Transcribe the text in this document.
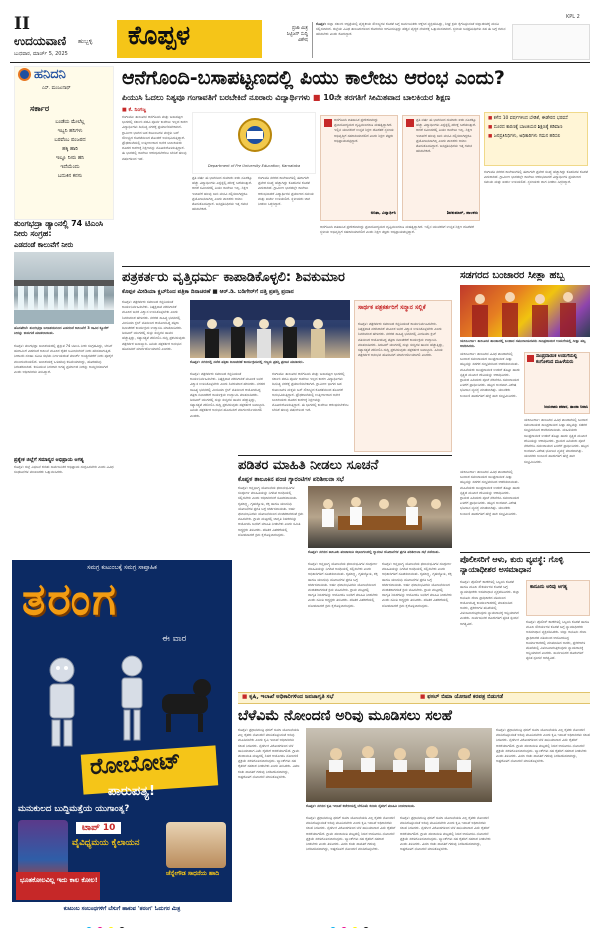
II
ಉದಯವಾಣಿ ಹುಬ್ಬಳ್ಳಿ
ಬುಧವಾರ, ಮಾರ್ಚ್‌ 5, 2025
ಕೊಪ್ಪಳ	ಪ್ರಜಾ ಮಿತ್ರ
ಸಿಟ್ಟಿಜನ್ ಸುದ್ದಿ
ವಿಶೇಷ
ಕೊಪ್ಪಳ: ಜಿಲ್ಲಾ ಸರ್ಕಾರಿ ಆಸ್ಪತ್ರೆಯಲ್ಲಿ ವೈದ್ಯಕೀಯ ಸೌಲಭ್ಯಗಳ ಕೊರತೆ ಬಗ್ಗೆ ಸಾರ್ವಜನಿಕರು ಆಕ್ಷೇಪ ವ್ಯಕ್ತಪಡಿಸಿದ್ದು, ಶೀಘ್ರ ಕ್ರಮ ಕೈಗೊಳ್ಳುವಂತೆ ಜಿಲ್ಲಾಡಳಿತಕ್ಕೆ ಮನವಿ ಸಲ್ಲಿಸಲಾಗಿದೆ. ಜಿಲ್ಲೆಯ ವಿವಿಧ ತಾಲೂಕುಗಳಿಂದ ರೋಗಿಗಳು ಆಗಮಿಸುತ್ತಿದ್ದು ಹೆಚ್ಚಿನ ವೈದ್ಯರ ನೇಮಕಕ್ಕೆ ಒತ್ತಾಯಿಸಲಾಗಿದೆ. ಸ್ಥಳೀಯ ಜನಪ್ರತಿನಿಧಿಗಳು ಸಹ ಈ ಬಗ್ಗೆ ಗಮನ ಹರಿಸಬೇಕು ಎಂದು ಕೋರಿದ್ದಾರೆ.
KPL 2
ಹನಿದನಿ
ಎಸ್. ಮಂಜುನಾಥ್
ಸರ್ಕಾರ
ಬಂಡೆಯ ಮೇಲೆಲ್ಲ
ಇಬ್ಬನಿ ಹನಿಗಳು
ಬರವೆಂಬ ಪಂಜರದ
ಹಕ್ಕಿ ಹಾರಿ
ಇಲ್ಲೂ ನೀರು ಹನಿ
ಇದೆಯೆಂದು
ಬದುಕಿನ ಕನಸು
ತುಂಗಭದ್ರಾ ಡ್ಯಾಂನಲ್ಲಿ 74 ಟಿಎಂಸಿ ನೀರು ಸಂಗ್ರಹ:
ಎಡದಂಡೆ ಕಾಲುವೆಗೆ ನೀರು
ಹೊಸಪೇಟೆ: ತುಂಗಭದ್ರಾ ಜಲಾಶಯದಿಂದ ಎಡದಂಡೆ ಕಾಲುವೆಗೆ 3 ಸಾವಿರ ಕ್ಯೂಸೆಕ್ ನೀರನ್ನು ಬಿಡುಗಡೆ ಮಾಡಲಾಯಿತು.
ಕೊಪ್ಪಳ: ತುಂಗಭದ್ರಾ ಜಲಾಶಯದಲ್ಲಿ ಪ್ರಸ್ತುತ 74 ಟಿಎಂಸಿ ನೀರು ಸಂಗ್ರಹವಿದ್ದು, ಬೇಸಿಗೆ ಹಂಗಾಮಿಗೆ ಎಡದಂಡೆ ಕಾಲುವೆ ಮೂಲಕ ರೈತರ ಜಮೀನುಗಳಿಗೆ ನೀರು ಹರಿಸಲಾಗುತ್ತಿದೆ. ನೀರಾವರಿ ಸಲಹಾ ಸಮಿತಿ ಸಭೆಯ ನಿರ್ಣಯದಂತೆ ಮಾರ್ಚ್ ಅಂತ್ಯದವರೆಗೆ ನೀರು ಪೂರೈಕೆ ಮುಂದುವರಿಯಲಿದೆ. ಜಲಾಶಯಕ್ಕೆ ಒಳಹರಿವು ಕಡಿಮೆಯಾಗಿದ್ದು, ಹೊರಹರಿವು ನಿರಂತರವಾಗಿದೆ. ಕುಡಿಯುವ ನೀರಿಗಾಗಿ ಅಗತ್ಯ ಪ್ರಮಾಣದ ನೀರನ್ನು ಕಾಯ್ದಿರಿಸಲಾಗಿದೆ ಎಂದು ಅಧಿಕಾರಿಗಳು ತಿಳಿಸಿದ್ದಾರೆ.
ಪ್ರತ್ಯೇಕ ಜಿಲ್ಲೆಗೆ ಸಮಾನ್ಯರ ಅಭಿಪ್ರಾಯ ಅಗತ್ಯ
ಕೊಪ್ಪಳ: ಜಿಲ್ಲೆ ವಿಭಜನೆ ಕುರಿತು ಸಾರ್ವಜನಿಕರ ಅಭಿಪ್ರಾಯ ಸಂಗ್ರಹಿಸಬೇಕು ಎಂದು ವಿವಿಧ ಸಂಘಟನೆಗಳ ಮುಖಂಡರು ಒತ್ತಾಯಿಸಿದರು.
ಆನೆಗೊಂದಿ-ಬಸಾಪಟ್ಟಣದಲ್ಲಿ ಪಿಯು ಕಾಲೇಜು ಆರಂಭ ಎಂದು?
ಪಿಯುಸಿ ಓದಲು ನಿತ್ಯವೂ ಗಂಗಾವತಿಗೆ ಬರಬೇಕಿದೆ ನೂರಾರು ವಿದ್ಯಾರ್ಥಿಗಳು ■ 10ನೇ ತರಗತಿಗೆ ಸೀಮಿತವಾದ ಬಾಲಕಿಯರ ಶಿಕ್ಷಣ
■ ಕೆ. ನಿಂಗಜ್ಜ
ಗಂಗಾವತಿ: ತಾಲೂಕಿನ ಆನೆಗೊಂದಿ ಮತ್ತು ಬಸಾಪಟ್ಟಣ ಭಾಗದಲ್ಲಿ ಸರ್ಕಾರಿ ಪದವಿ ಪೂರ್ವ ಕಾಲೇಜು ಇಲ್ಲದ ಕಾರಣ ವಿದ್ಯಾರ್ಥಿಗಳು ದಿನನಿತ್ಯ ನಗರಕ್ಕೆ ಪ್ರಯಾಣಿಸಬೇಕಾಗಿದೆ. ಗ್ರಾಮೀಣ ಭಾಗದ ಬಡ ಕುಟುಂಬಗಳ ಮಕ್ಕಳು ಬಸ್ ಸೌಲಭ್ಯದ ಕೊರತೆಯಿಂದ ತೊಂದರೆ ಅನುಭವಿಸುತ್ತಿದ್ದಾರೆ. ಪ್ರೌಢಶಾಲೆಯಲ್ಲಿ ಉತ್ತೀರ್ಣರಾದ ಅನೇಕ ಬಾಲಕಿಯರು ದೂರದ ಕಾರಣಕ್ಕೆ ಶಿಕ್ಷಣವನ್ನು ಮೊಟಕುಗೊಳಿಸುತ್ತಿದ್ದಾರೆ. ಈ ಭಾಗದಲ್ಲಿ ಕಾಲೇಜು ಆರಂಭಿಸಬೇಕೆಂಬ ಬೇಡಿಕೆ ಹಲವು ವರ್ಷಗಳಿಂದ ಇದೆ.
ಪ್ರತಿ ವರ್ಷ ಈ ಭಾಗದಿಂದ ಸುಮಾರು ಐದು ನೂರಕ್ಕೂ ಹೆಚ್ಚು ವಿದ್ಯಾರ್ಥಿಗಳು ಎಸ್ಸೆಸ್ಸೆಲ್ಸಿ ಪರೀಕ್ಷೆ ಬರೆಯುತ್ತಾರೆ. ಆದರೆ ಸಮೀಪದಲ್ಲಿ ಪಿಯು ಕಾಲೇಜು ಇಲ್ಲ. ಶಿಕ್ಷಣ ಇಲಾಖೆಗೆ ಹಲವು ಬಾರಿ ಮನವಿ ಸಲ್ಲಿಸಲಾಗಿದ್ದರೂ ಪ್ರಯೋಜನವಾಗಿಲ್ಲ ಎಂದು ಪಾಲಕರು ಅಳಲು ತೋಡಿಕೊಂಡಿದ್ದಾರೆ. ಜನಪ್ರತಿನಿಧಿಗಳು ಇತ್ತ ಗಮನ ಹರಿಸಬೇಕಿದೆ.
Department of Pre University Education, Karnataka
ಗಂಗಾವತಿ ನಗರದ ಕಾಲೇಜುಗಳಲ್ಲಿ ಈಗಾಗಲೇ ಪ್ರವೇಶ ಸಂಖ್ಯೆ ಹೆಚ್ಚಾಗಿದ್ದು ಕೊಠಡಿಗಳ ಕೊರತೆ ಎದುರಾಗಿದೆ. ಗ್ರಾಮೀಣ ಭಾಗದಲ್ಲೇ ಕಾಲೇಜು ಆರಂಭವಾದರೆ ವಿದ್ಯಾರ್ಥಿಗಳ ಪ್ರಯಾಣದ ಸಮಯ ಮತ್ತು ಖರ್ಚು ಉಳಿಯಲಿದೆ. ಸ್ಥಳೀಯರು ಜಾಗ ನೀಡಲು ಸಿದ್ಧರಿದ್ದಾರೆ.
ಆನೆಗೊಂದಿ ಐತಿಹಾಸಿಕ ಪ್ರದೇಶವಾಗಿದ್ದು ಪ್ರವಾಸೋದ್ಯಮದ ದೃಷ್ಟಿಯಿಂದಲೂ ಮಹತ್ವದ್ದಾಗಿದೆ. ಇಲ್ಲಿನ ಯುವಕರಿಗೆ ಉನ್ನತ ಶಿಕ್ಷಣ ದೊರೆತರೆ ಸ್ಥಳೀಯ ಅಭಿವೃದ್ಧಿಗೆ ಸಹಕಾರಿಯಾಗಲಿದೆ ಎಂದು ಶಿಕ್ಷಣ ತಜ್ಞರು ಅಭಿಪ್ರಾಯಪಟ್ಟಿದ್ದಾರೆ.
ಅನಿತಾ, ವಿದ್ಯಾರ್ಥಿನಿ
ಪ್ರತಿ ವರ್ಷ ಈ ಭಾಗದಿಂದ ಸುಮಾರು ಐದು ನೂರಕ್ಕೂ ಹೆಚ್ಚು ವಿದ್ಯಾರ್ಥಿಗಳು ಎಸ್ಸೆಸ್ಸೆಲ್ಸಿ ಪರೀಕ್ಷೆ ಬರೆಯುತ್ತಾರೆ. ಆದರೆ ಸಮೀಪದಲ್ಲಿ ಪಿಯು ಕಾಲೇಜು ಇಲ್ಲ. ಶಿಕ್ಷಣ ಇಲಾಖೆಗೆ ಹಲವು ಬಾರಿ ಮನವಿ ಸಲ್ಲಿಸಲಾಗಿದ್ದರೂ ಪ್ರಯೋಜನವಾಗಿಲ್ಲ ಎಂದು ಪಾಲಕರು ಅಳಲು ತೋಡಿಕೊಂಡಿದ್ದಾರೆ. ಜನಪ್ರತಿನಿಧಿಗಳು ಇತ್ತ ಗಮನ ಹರಿಸಬೇಕಿದೆ.
ಶಿವಕುಮಾರ್, ಪಾಲಕರು
■ ಕಳೆದ 10 ವರ್ಷಗಳಿಂದ ಬೇಡಿಕೆ, ಈಡೇರದ ಭರವಸೆ
■ ದೂರದ ಕಾರಣಕ್ಕೆ ಬಾಲಕಿಯರ ಶಿಕ್ಷಣಕ್ಕೆ ಕಡಿವಾಣ
■ ಜನಪ್ರತಿನಿಧಿಗಳು, ಅಧಿಕಾರಿಗಳು ಗಮನ ಹರಿಸಲಿ
ಗಂಗಾವತಿ ನಗರದ ಕಾಲೇಜುಗಳಲ್ಲಿ ಈಗಾಗಲೇ ಪ್ರವೇಶ ಸಂಖ್ಯೆ ಹೆಚ್ಚಾಗಿದ್ದು ಕೊಠಡಿಗಳ ಕೊರತೆ ಎದುರಾಗಿದೆ. ಗ್ರಾಮೀಣ ಭಾಗದಲ್ಲೇ ಕಾಲೇಜು ಆರಂಭವಾದರೆ ವಿದ್ಯಾರ್ಥಿಗಳ ಪ್ರಯಾಣದ ಸಮಯ ಮತ್ತು ಖರ್ಚು ಉಳಿಯಲಿದೆ. ಸ್ಥಳೀಯರು ಜಾಗ ನೀಡಲು ಸಿದ್ಧರಿದ್ದಾರೆ.
ಆನೆಗೊಂದಿ ಐತಿಹಾಸಿಕ ಪ್ರದೇಶವಾಗಿದ್ದು ಪ್ರವಾಸೋದ್ಯಮದ ದೃಷ್ಟಿಯಿಂದಲೂ ಮಹತ್ವದ್ದಾಗಿದೆ. ಇಲ್ಲಿನ ಯುವಕರಿಗೆ ಉನ್ನತ ಶಿಕ್ಷಣ ದೊರೆತರೆ ಸ್ಥಳೀಯ ಅಭಿವೃದ್ಧಿಗೆ ಸಹಕಾರಿಯಾಗಲಿದೆ ಎಂದು ಶಿಕ್ಷಣ ತಜ್ಞರು ಅಭಿಪ್ರಾಯಪಟ್ಟಿದ್ದಾರೆ.
ಪತ್ರಕರ್ತರು ವೃತ್ತಿಧರ್ಮ ಕಾಪಾಡಿಕೊಳ್ಳಲಿ: ಶಿವಕುಮಾರ
ಕೊಪ್ಪಳ ಮೀಡಿಯಾ ಕ್ಲಬ್‌ನಿಂದ ಪತ್ರಿಕಾ ದಿನಾಚರಣೆ ■ ಆರ್.ಡಿ. ಬಡಿಗೇರ್‌ಗೆ ದತ್ತಿ ಪ್ರಶಸ್ತಿ ಪ್ರದಾನ
ಕೊಪ್ಪಳ: ಪತ್ರಕರ್ತರು ಸಮಾಜದ ಕನ್ನಡಿಯಂತೆ ಕಾರ್ಯನಿರ್ವಹಿಸಬೇಕು. ನಿಷ್ಪಕ್ಷಪಾತ ವರದಿಗಾರಿಕೆ ಮೂಲಕ ಜನರ ವಿಶ್ವಾಸ ಉಳಿಸಿಕೊಳ್ಳಬೇಕು ಎಂದು ಶಿವಕುಮಾರ ಹೇಳಿದರು. ನಗರದ ಸಾಹಿತ್ಯ ಭವನದಲ್ಲಿ ಮೀಡಿಯಾ ಕ್ಲಬ್ ವತಿಯಿಂದ ಆಯೋಜಿಸಿದ್ದ ಪತ್ರಿಕಾ ದಿನಾಚರಣೆ ಕಾರ್ಯಕ್ರಮ ಉದ್ಘಾಟಿಸಿ ಮಾತನಾಡಿದರು. ಡಿಜಿಟಲ್ ಯುಗದಲ್ಲಿ ಸುಳ್ಳು ಸುದ್ದಿಗಳ ಹಾವಳಿ ಹೆಚ್ಚುತ್ತಿದ್ದು, ಸತ್ಯಾಸತ್ಯತೆ ಪರಿಶೀಲಿಸಿ ಸುದ್ದಿ ಪ್ರಕಟಿಸುವುದು ಪತ್ರಕರ್ತರ ಜವಾಬ್ದಾರಿ. ಹಿರಿಯ ಪತ್ರಕರ್ತರ ಅನುಭವ ಹೊಸಬರಿಗೆ ಮಾರ್ಗದರ್ಶಿಯಾಗಲಿ ಎಂದರು.
ಕೊಪ್ಪಳ: ನಗರದಲ್ಲಿ ನಡೆದ ಪತ್ರಿಕಾ ದಿನಾಚರಣೆ ಕಾರ್ಯಕ್ರಮದಲ್ಲಿ ಗಣ್ಯರು ಪ್ರಶಸ್ತಿ ಪ್ರದಾನ ಮಾಡಿದರು.
ಕೊಪ್ಪಳ: ಪತ್ರಕರ್ತರು ಸಮಾಜದ ಕನ್ನಡಿಯಂತೆ ಕಾರ್ಯನಿರ್ವಹಿಸಬೇಕು. ನಿಷ್ಪಕ್ಷಪಾತ ವರದಿಗಾರಿಕೆ ಮೂಲಕ ಜನರ ವಿಶ್ವಾಸ ಉಳಿಸಿಕೊಳ್ಳಬೇಕು ಎಂದು ಶಿವಕುಮಾರ ಹೇಳಿದರು. ನಗರದ ಸಾಹಿತ್ಯ ಭವನದಲ್ಲಿ ಮೀಡಿಯಾ ಕ್ಲಬ್ ವತಿಯಿಂದ ಆಯೋಜಿಸಿದ್ದ ಪತ್ರಿಕಾ ದಿನಾಚರಣೆ ಕಾರ್ಯಕ್ರಮ ಉದ್ಘಾಟಿಸಿ ಮಾತನಾಡಿದರು. ಡಿಜಿಟಲ್ ಯುಗದಲ್ಲಿ ಸುಳ್ಳು ಸುದ್ದಿಗಳ ಹಾವಳಿ ಹೆಚ್ಚುತ್ತಿದ್ದು, ಸತ್ಯಾಸತ್ಯತೆ ಪರಿಶೀಲಿಸಿ ಸುದ್ದಿ ಪ್ರಕಟಿಸುವುದು ಪತ್ರಕರ್ತರ ಜವಾಬ್ದಾರಿ. ಹಿರಿಯ ಪತ್ರಕರ್ತರ ಅನುಭವ ಹೊಸಬರಿಗೆ ಮಾರ್ಗದರ್ಶಿಯಾಗಲಿ ಎಂದರು.
ಗಂಗಾವತಿ: ತಾಲೂಕಿನ ಆನೆಗೊಂದಿ ಮತ್ತು ಬಸಾಪಟ್ಟಣ ಭಾಗದಲ್ಲಿ ಸರ್ಕಾರಿ ಪದವಿ ಪೂರ್ವ ಕಾಲೇಜು ಇಲ್ಲದ ಕಾರಣ ವಿದ್ಯಾರ್ಥಿಗಳು ದಿನನಿತ್ಯ ನಗರಕ್ಕೆ ಪ್ರಯಾಣಿಸಬೇಕಾಗಿದೆ. ಗ್ರಾಮೀಣ ಭಾಗದ ಬಡ ಕುಟುಂಬಗಳ ಮಕ್ಕಳು ಬಸ್ ಸೌಲಭ್ಯದ ಕೊರತೆಯಿಂದ ತೊಂದರೆ ಅನುಭವಿಸುತ್ತಿದ್ದಾರೆ. ಪ್ರೌಢಶಾಲೆಯಲ್ಲಿ ಉತ್ತೀರ್ಣರಾದ ಅನೇಕ ಬಾಲಕಿಯರು ದೂರದ ಕಾರಣಕ್ಕೆ ಶಿಕ್ಷಣವನ್ನು ಮೊಟಕುಗೊಳಿಸುತ್ತಿದ್ದಾರೆ. ಈ ಭಾಗದಲ್ಲಿ ಕಾಲೇಜು ಆರಂಭಿಸಬೇಕೆಂಬ ಬೇಡಿಕೆ ಹಲವು ವರ್ಷಗಳಿಂದ ಇದೆ.
ಸಾರ್ಥಕ ಪತ್ರಕರ್ತರಿಗೆ ಸನ್ಮಾನ ಸಲ್ಲಿಕೆ
ಕೊಪ್ಪಳ: ಪತ್ರಕರ್ತರು ಸಮಾಜದ ಕನ್ನಡಿಯಂತೆ ಕಾರ್ಯನಿರ್ವಹಿಸಬೇಕು. ನಿಷ್ಪಕ್ಷಪಾತ ವರದಿಗಾರಿಕೆ ಮೂಲಕ ಜನರ ವಿಶ್ವಾಸ ಉಳಿಸಿಕೊಳ್ಳಬೇಕು ಎಂದು ಶಿವಕುಮಾರ ಹೇಳಿದರು. ನಗರದ ಸಾಹಿತ್ಯ ಭವನದಲ್ಲಿ ಮೀಡಿಯಾ ಕ್ಲಬ್ ವತಿಯಿಂದ ಆಯೋಜಿಸಿದ್ದ ಪತ್ರಿಕಾ ದಿನಾಚರಣೆ ಕಾರ್ಯಕ್ರಮ ಉದ್ಘಾಟಿಸಿ ಮಾತನಾಡಿದರು. ಡಿಜಿಟಲ್ ಯುಗದಲ್ಲಿ ಸುಳ್ಳು ಸುದ್ದಿಗಳ ಹಾವಳಿ ಹೆಚ್ಚುತ್ತಿದ್ದು, ಸತ್ಯಾಸತ್ಯತೆ ಪರಿಶೀಲಿಸಿ ಸುದ್ದಿ ಪ್ರಕಟಿಸುವುದು ಪತ್ರಕರ್ತರ ಜವಾಬ್ದಾರಿ. ಹಿರಿಯ ಪತ್ರಕರ್ತರ ಅನುಭವ ಹೊಸಬರಿಗೆ ಮಾರ್ಗದರ್ಶಿಯಾಗಲಿ ಎಂದರು.
ಸಡಗರದ ಬಂಜಾರರ ಸೀತ್ಲಾ ಹಬ್ಬ
ಯಲಬುರ್ಗಾ: ತಾಲೂಕಿನ ತಾಂಡಾದಲ್ಲಿ ಬಂಜಾರ ಸಮುದಾಯದವರು ಸಾಂಪ್ರದಾಯಿಕ ಉಡುಗೆಯಲ್ಲಿ ಸೀತ್ಲಾ ಹಬ್ಬ ಆಚರಿಸಿದರು.
ಯಲಬುರ್ಗಾ: ತಾಲೂಕಿನ ವಿವಿಧ ತಾಂಡಾಗಳಲ್ಲಿ ಬಂಜಾರ ಸಮುದಾಯದ ಸಾಂಪ್ರದಾಯಿಕ ಸೀತ್ಲಾ ಹಬ್ಬವನ್ನು ಸಡಗರ ಸಂಭ್ರಮದಿಂದ ಆಚರಿಸಲಾಯಿತು. ಮಹಿಳೆಯರು ಸಾಂಪ್ರದಾಯಿಕ ಉಡುಗೆ ತೊಟ್ಟು ಹಾಡು ನೃತ್ಯದ ಮೂಲಕ ದೇವಿಯನ್ನು ಆರಾಧಿಸಿದರು. ಗ್ರಾಮದ ಹಿರಿಯರು ಪೂಜೆ ನೆರವೇರಿಸಿ ಸಮುದಾಯದ ಏಳಿಗೆಗೆ ಪ್ರಾರ್ಥಿಸಿದರು. ಹಬ್ಬದ ಅಂಗವಾಗಿ ವಿಶೇಷ ಭೋಜನ ವ್ಯವಸ್ಥೆ ಮಾಡಲಾಗಿತ್ತು. ಯುವಕರು ಲಂಬಾಣಿ ಹಾಡುಗಳಿಗೆ ಹೆಜ್ಜೆ ಹಾಕಿ ಸಂಭ್ರಮಿಸಿದರು.
ಸಾಂಪ್ರದಾಯಿಕ ಉಡುಗೆಯಲ್ಲಿ ಕಂಗೊಳಿಸಿದ ಮಹಿಳೆಯರು
ಜಯರಾಮ ಪವಾರ, ತಾಂಡಾ ನಿವಾಸಿ
ಯಲಬುರ್ಗಾ: ತಾಲೂಕಿನ ವಿವಿಧ ತಾಂಡಾಗಳಲ್ಲಿ ಬಂಜಾರ ಸಮುದಾಯದ ಸಾಂಪ್ರದಾಯಿಕ ಸೀತ್ಲಾ ಹಬ್ಬವನ್ನು ಸಡಗರ ಸಂಭ್ರಮದಿಂದ ಆಚರಿಸಲಾಯಿತು. ಮಹಿಳೆಯರು ಸಾಂಪ್ರದಾಯಿಕ ಉಡುಗೆ ತೊಟ್ಟು ಹಾಡು ನೃತ್ಯದ ಮೂಲಕ ದೇವಿಯನ್ನು ಆರಾಧಿಸಿದರು. ಗ್ರಾಮದ ಹಿರಿಯರು ಪೂಜೆ ನೆರವೇರಿಸಿ ಸಮುದಾಯದ ಏಳಿಗೆಗೆ ಪ್ರಾರ್ಥಿಸಿದರು. ಹಬ್ಬದ ಅಂಗವಾಗಿ ವಿಶೇಷ ಭೋಜನ ವ್ಯವಸ್ಥೆ ಮಾಡಲಾಗಿತ್ತು. ಯುವಕರು ಲಂಬಾಣಿ ಹಾಡುಗಳಿಗೆ ಹೆಜ್ಜೆ ಹಾಕಿ ಸಂಭ್ರಮಿಸಿದರು.
ಯಲಬುರ್ಗಾ: ತಾಲೂಕಿನ ವಿವಿಧ ತಾಂಡಾಗಳಲ್ಲಿ ಬಂಜಾರ ಸಮುದಾಯದ ಸಾಂಪ್ರದಾಯಿಕ ಸೀತ್ಲಾ ಹಬ್ಬವನ್ನು ಸಡಗರ ಸಂಭ್ರಮದಿಂದ ಆಚರಿಸಲಾಯಿತು. ಮಹಿಳೆಯರು ಸಾಂಪ್ರದಾಯಿಕ ಉಡುಗೆ ತೊಟ್ಟು ಹಾಡು ನೃತ್ಯದ ಮೂಲಕ ದೇವಿಯನ್ನು ಆರಾಧಿಸಿದರು. ಗ್ರಾಮದ ಹಿರಿಯರು ಪೂಜೆ ನೆರವೇರಿಸಿ ಸಮುದಾಯದ ಏಳಿಗೆಗೆ ಪ್ರಾರ್ಥಿಸಿದರು. ಹಬ್ಬದ ಅಂಗವಾಗಿ ವಿಶೇಷ ಭೋಜನ ವ್ಯವಸ್ಥೆ ಮಾಡಲಾಗಿತ್ತು. ಯುವಕರು ಲಂಬಾಣಿ ಹಾಡುಗಳಿಗೆ ಹೆಜ್ಜೆ ಹಾಕಿ ಸಂಭ್ರಮಿಸಿದರು.
ಸಮಗ್ರ ಕುಟುಂಬಕ್ಕೆ ಸಮಗ್ರ ಸಾಪ್ತಾಹಿಕ
ತರಂಗ
ಈ ವಾರ
ರೋಬೋಟ್
ಪಾರುಪತ್ಯ!
ಮನುಕುಲದ ಬುದ್ಧಿಮತ್ತೆಯ ಯುಗಾಂತ್ಯ?
ಟಾಪ್ 10
ವೈವಿಧ್ಯಮಯ ಕೈಲಾಯನ
ಭೂತಕೋಲವಿಲ್ಲ ಇದು ಕಾಲ ಕೋಲ!
ಚೆನ್ನೇಗೌಡ ಸಾಧನೆಯ ಹಾದಿ
ಕುಟುಂಬ ಸಂಬಂಧಗಳಿಗೆ ಬೆಸುಗೆ ಹಾಕುವ 'ತರಂಗ' ಓದುಗರ ಮಿತ್ರ
ಪಡಿತರ ಮಾಹಿತಿ ನೀಡಲು ಸೂಚನೆ
ಕೊಪ್ಪಳ ತಾಲೂಕಿನ ಪಂಚ ಗ್ಯಾರಂಟಿಗಳ ಪರಿಶೀಲನಾ ಸಭೆ
ಕೊಪ್ಪಳ: ಅನ್ನಭಾಗ್ಯ ಯೋಜನೆಯ ಫಲಾನುಭವಿಗಳ ಸಂಪೂರ್ಣ ಮಾಹಿತಿಯನ್ನು ನಿಗದಿತ ಅವಧಿಯಲ್ಲಿ ಸಲ್ಲಿಸಬೇಕು ಎಂದು ಅಧಿಕಾರಿಗಳಿಗೆ ಸೂಚಿಸಲಾಯಿತು. ಗೃಹಲಕ್ಷ್ಮಿ, ಗೃಹಜ್ಯೋತಿ, ಶಕ್ತಿ ಹಾಗೂ ಯುವನಿಧಿ ಯೋಜನೆಗಳ ಪ್ರಗತಿ ಬಗ್ಗೆ ಚರ್ಚಿಸಲಾಯಿತು. ಅರ್ಹ ಫಲಾನುಭವಿಗಳು ಯೋಜನೆಯಿಂದ ವಂಚಿತರಾಗದಂತೆ ಕ್ರಮ ವಹಿಸಬೇಕು. ಗ್ರಾಮ ಮಟ್ಟದಲ್ಲಿ ಜಾಗೃತಿ ಶಿಬಿರಗಳನ್ನು ಆಯೋಜಿಸಿ ಜನರಿಗೆ ಮಾಹಿತಿ ನೀಡಬೇಕು ಎಂದು ಸಮಿತಿ ಅಧ್ಯಕ್ಷರು ತಿಳಿಸಿದರು. ಪಡಿತರ ವಿತರಣೆಯಲ್ಲಿ ಲೋಪವಾದರೆ ಕ್ರಮ ಕೈಗೊಳ್ಳಲಾಗುವುದು.
ಕೊಪ್ಪಳ: ನಗರದ ತಾಲೂಕು ಪಂಚಾಯಿತಿ ಸಭಾಂಗಣದಲ್ಲಿ ಗ್ಯಾರಂಟಿ ಯೋಜನೆಗಳ ಪ್ರಗತಿ ಪರಿಶೀಲನಾ ಸಭೆ ನಡೆಯಿತು.
ಕೊಪ್ಪಳ: ಅನ್ನಭಾಗ್ಯ ಯೋಜನೆಯ ಫಲಾನುಭವಿಗಳ ಸಂಪೂರ್ಣ ಮಾಹಿತಿಯನ್ನು ನಿಗದಿತ ಅವಧಿಯಲ್ಲಿ ಸಲ್ಲಿಸಬೇಕು ಎಂದು ಅಧಿಕಾರಿಗಳಿಗೆ ಸೂಚಿಸಲಾಯಿತು. ಗೃಹಲಕ್ಷ್ಮಿ, ಗೃಹಜ್ಯೋತಿ, ಶಕ್ತಿ ಹಾಗೂ ಯುವನಿಧಿ ಯೋಜನೆಗಳ ಪ್ರಗತಿ ಬಗ್ಗೆ ಚರ್ಚಿಸಲಾಯಿತು. ಅರ್ಹ ಫಲಾನುಭವಿಗಳು ಯೋಜನೆಯಿಂದ ವಂಚಿತರಾಗದಂತೆ ಕ್ರಮ ವಹಿಸಬೇಕು. ಗ್ರಾಮ ಮಟ್ಟದಲ್ಲಿ ಜಾಗೃತಿ ಶಿಬಿರಗಳನ್ನು ಆಯೋಜಿಸಿ ಜನರಿಗೆ ಮಾಹಿತಿ ನೀಡಬೇಕು ಎಂದು ಸಮಿತಿ ಅಧ್ಯಕ್ಷರು ತಿಳಿಸಿದರು. ಪಡಿತರ ವಿತರಣೆಯಲ್ಲಿ ಲೋಪವಾದರೆ ಕ್ರಮ ಕೈಗೊಳ್ಳಲಾಗುವುದು.
ಕೊಪ್ಪಳ: ಅನ್ನಭಾಗ್ಯ ಯೋಜನೆಯ ಫಲಾನುಭವಿಗಳ ಸಂಪೂರ್ಣ ಮಾಹಿತಿಯನ್ನು ನಿಗದಿತ ಅವಧಿಯಲ್ಲಿ ಸಲ್ಲಿಸಬೇಕು ಎಂದು ಅಧಿಕಾರಿಗಳಿಗೆ ಸೂಚಿಸಲಾಯಿತು. ಗೃಹಲಕ್ಷ್ಮಿ, ಗೃಹಜ್ಯೋತಿ, ಶಕ್ತಿ ಹಾಗೂ ಯುವನಿಧಿ ಯೋಜನೆಗಳ ಪ್ರಗತಿ ಬಗ್ಗೆ ಚರ್ಚಿಸಲಾಯಿತು. ಅರ್ಹ ಫಲಾನುಭವಿಗಳು ಯೋಜನೆಯಿಂದ ವಂಚಿತರಾಗದಂತೆ ಕ್ರಮ ವಹಿಸಬೇಕು. ಗ್ರಾಮ ಮಟ್ಟದಲ್ಲಿ ಜಾಗೃತಿ ಶಿಬಿರಗಳನ್ನು ಆಯೋಜಿಸಿ ಜನರಿಗೆ ಮಾಹಿತಿ ನೀಡಬೇಕು ಎಂದು ಸಮಿತಿ ಅಧ್ಯಕ್ಷರು ತಿಳಿಸಿದರು. ಪಡಿತರ ವಿತರಣೆಯಲ್ಲಿ ಲೋಪವಾದರೆ ಕ್ರಮ ಕೈಗೊಳ್ಳಲಾಗುವುದು.
ಪೊಲೀಸರಿಗೆ ಆಳು, ಕುರು ವ್ಯವಸ್ಥೆ: ಗೊಳ್ಳಿ ನ್ಯಾಯಾಧೀಶರ ಅಸಮಾಧಾನ
ಕೊಪ್ಪಳ: ಪೊಲೀಸ್ ಠಾಣೆಗಳಲ್ಲಿ ಸಿಬ್ಬಂದಿ ಕೊರತೆ ಹಾಗೂ ಮೂಲ ಸೌಕರ್ಯಗಳ ಕೊರತೆ ಬಗ್ಗೆ ನ್ಯಾಯಾಧೀಶರು ಅಸಮಾಧಾನ ವ್ಯಕ್ತಪಡಿಸಿದರು. ಜಿಲ್ಲಾ ಕಾನೂನು ಸೇವಾ ಪ್ರಾಧಿಕಾರದ ವತಿಯಿಂದ ಆಯೋಜಿಸಿದ್ದ ಕಾರ್ಯಾಗಾರದಲ್ಲಿ ಮಾತನಾಡಿದ ಅವರು, ಪ್ರಕರಣಗಳ ತನಿಖೆಯಲ್ಲಿ ವಿಳಂಬವಾಗುತ್ತಿರುವುದು ನ್ಯಾಯದಾನಕ್ಕೆ ಅಡ್ಡಿಯಾಗಿದೆ ಎಂದರು. ಸಾರ್ವಜನಿಕರ ದೂರುಗಳಿಗೆ ತ್ವರಿತ ಸ್ಪಂದನೆ ಅಗತ್ಯವಿದೆ.
ಕಾನೂನು ಅರಿವು ಅಗತ್ಯ
ಕೊಪ್ಪಳ: ಪೊಲೀಸ್ ಠಾಣೆಗಳಲ್ಲಿ ಸಿಬ್ಬಂದಿ ಕೊರತೆ ಹಾಗೂ ಮೂಲ ಸೌಕರ್ಯಗಳ ಕೊರತೆ ಬಗ್ಗೆ ನ್ಯಾಯಾಧೀಶರು ಅಸಮಾಧಾನ ವ್ಯಕ್ತಪಡಿಸಿದರು. ಜಿಲ್ಲಾ ಕಾನೂನು ಸೇವಾ ಪ್ರಾಧಿಕಾರದ ವತಿಯಿಂದ ಆಯೋಜಿಸಿದ್ದ ಕಾರ್ಯಾಗಾರದಲ್ಲಿ ಮಾತನಾಡಿದ ಅವರು, ಪ್ರಕರಣಗಳ ತನಿಖೆಯಲ್ಲಿ ವಿಳಂಬವಾಗುತ್ತಿರುವುದು ನ್ಯಾಯದಾನಕ್ಕೆ ಅಡ್ಡಿಯಾಗಿದೆ ಎಂದರು. ಸಾರ್ವಜನಿಕರ ದೂರುಗಳಿಗೆ ತ್ವರಿತ ಸ್ಪಂದನೆ ಅಗತ್ಯವಿದೆ.
■ ಕೃಷಿ, ಇಲಾಖೆ ಅಧಿಕಾರಿಗಳಿಂದ ಜನಜಾಗೃತಿ ಸಭೆ	■ ಫಸಲ್ ಬಿಮಾ ಯೋಜನೆ ಕರಪತ್ರ ಬಿಡುಗಡೆ
ಬೆಳೆವಿಮೆ ನೋಂದಣಿ ಅರಿವು ಮೂಡಿಸಲು ಸಲಹೆ
ಕೊಪ್ಪಳ: ಪ್ರಧಾನಮಂತ್ರಿ ಫಸಲ್ ಬಿಮಾ ಯೋಜನೆಯಡಿ ಎಲ್ಲ ರೈತರು ನೋಂದಣಿ ಮಾಡಿಕೊಳ್ಳುವಂತೆ ಅರಿವು ಮೂಡಿಸಬೇಕು ಎಂದು ಕೃಷಿ ಇಲಾಖೆ ಅಧಿಕಾರಿಗಳು ಸಲಹೆ ನೀಡಿದರು. ನೈಸರ್ಗಿಕ ವಿಕೋಪಗಳಿಂದ ಬೆಳೆ ಹಾನಿಯಾದಾಗ ವಿಮೆ ರೈತರಿಗೆ ಆಸರೆಯಾಗಲಿದೆ. ಗ್ರಾಮ ಪಂಚಾಯಿತಿ ಮಟ್ಟದಲ್ಲಿ ಶಿಬಿರ ಆಯೋಜಿಸಿ ನೋಂದಣಿ ಪ್ರಕ್ರಿಯೆ ಸರಳಗೊಳಿಸಲಾಗುವುದು. ಬ್ಯಾಂಕ್‌ಗಳು ಸಹ ರೈತರಿಗೆ ಸಹಕಾರ ನೀಡಬೇಕು ಎಂದು ತಿಳಿಸಿದರು. ವಿಮಾ ಕಂತು ಪಾವತಿಗೆ ಗಡುವು ನಿಗದಿಪಡಿಸಲಾಗಿದ್ದು, ಅಷ್ಟರೊಳಗೆ ನೋಂದಣಿ ಮಾಡಿಕೊಳ್ಳಬೇಕು.
ಕೊಪ್ಪಳ: ನಗರದ ಕೃಷಿ ಇಲಾಖೆ ಕಚೇರಿಯಲ್ಲಿ ಬೆಳೆವಿಮೆ ಕುರಿತು ರೈತರಿಗೆ ಮಾಹಿತಿ ನೀಡಲಾಯಿತು.
ಕೊಪ್ಪಳ: ಪ್ರಧಾನಮಂತ್ರಿ ಫಸಲ್ ಬಿಮಾ ಯೋಜನೆಯಡಿ ಎಲ್ಲ ರೈತರು ನೋಂದಣಿ ಮಾಡಿಕೊಳ್ಳುವಂತೆ ಅರಿವು ಮೂಡಿಸಬೇಕು ಎಂದು ಕೃಷಿ ಇಲಾಖೆ ಅಧಿಕಾರಿಗಳು ಸಲಹೆ ನೀಡಿದರು. ನೈಸರ್ಗಿಕ ವಿಕೋಪಗಳಿಂದ ಬೆಳೆ ಹಾನಿಯಾದಾಗ ವಿಮೆ ರೈತರಿಗೆ ಆಸರೆಯಾಗಲಿದೆ. ಗ್ರಾಮ ಪಂಚಾಯಿತಿ ಮಟ್ಟದಲ್ಲಿ ಶಿಬಿರ ಆಯೋಜಿಸಿ ನೋಂದಣಿ ಪ್ರಕ್ರಿಯೆ ಸರಳಗೊಳಿಸಲಾಗುವುದು. ಬ್ಯಾಂಕ್‌ಗಳು ಸಹ ರೈತರಿಗೆ ಸಹಕಾರ ನೀಡಬೇಕು ಎಂದು ತಿಳಿಸಿದರು. ವಿಮಾ ಕಂತು ಪಾವತಿಗೆ ಗಡುವು ನಿಗದಿಪಡಿಸಲಾಗಿದ್ದು, ಅಷ್ಟರೊಳಗೆ ನೋಂದಣಿ ಮಾಡಿಕೊಳ್ಳಬೇಕು.
ಕೊಪ್ಪಳ: ಪ್ರಧಾನಮಂತ್ರಿ ಫಸಲ್ ಬಿಮಾ ಯೋಜನೆಯಡಿ ಎಲ್ಲ ರೈತರು ನೋಂದಣಿ ಮಾಡಿಕೊಳ್ಳುವಂತೆ ಅರಿವು ಮೂಡಿಸಬೇಕು ಎಂದು ಕೃಷಿ ಇಲಾಖೆ ಅಧಿಕಾರಿಗಳು ಸಲಹೆ ನೀಡಿದರು. ನೈಸರ್ಗಿಕ ವಿಕೋಪಗಳಿಂದ ಬೆಳೆ ಹಾನಿಯಾದಾಗ ವಿಮೆ ರೈತರಿಗೆ ಆಸರೆಯಾಗಲಿದೆ. ಗ್ರಾಮ ಪಂಚಾಯಿತಿ ಮಟ್ಟದಲ್ಲಿ ಶಿಬಿರ ಆಯೋಜಿಸಿ ನೋಂದಣಿ ಪ್ರಕ್ರಿಯೆ ಸರಳಗೊಳಿಸಲಾಗುವುದು. ಬ್ಯಾಂಕ್‌ಗಳು ಸಹ ರೈತರಿಗೆ ಸಹಕಾರ ನೀಡಬೇಕು ಎಂದು ತಿಳಿಸಿದರು. ವಿಮಾ ಕಂತು ಪಾವತಿಗೆ ಗಡುವು ನಿಗದಿಪಡಿಸಲಾಗಿದ್ದು, ಅಷ್ಟರೊಳಗೆ ನೋಂದಣಿ ಮಾಡಿಕೊಳ್ಳಬೇಕು.
ಕೊಪ್ಪಳ: ಪ್ರಧಾನಮಂತ್ರಿ ಫಸಲ್ ಬಿಮಾ ಯೋಜನೆಯಡಿ ಎಲ್ಲ ರೈತರು ನೋಂದಣಿ ಮಾಡಿಕೊಳ್ಳುವಂತೆ ಅರಿವು ಮೂಡಿಸಬೇಕು ಎಂದು ಕೃಷಿ ಇಲಾಖೆ ಅಧಿಕಾರಿಗಳು ಸಲಹೆ ನೀಡಿದರು. ನೈಸರ್ಗಿಕ ವಿಕೋಪಗಳಿಂದ ಬೆಳೆ ಹಾನಿಯಾದಾಗ ವಿಮೆ ರೈತರಿಗೆ ಆಸರೆಯಾಗಲಿದೆ. ಗ್ರಾಮ ಪಂಚಾಯಿತಿ ಮಟ್ಟದಲ್ಲಿ ಶಿಬಿರ ಆಯೋಜಿಸಿ ನೋಂದಣಿ ಪ್ರಕ್ರಿಯೆ ಸರಳಗೊಳಿಸಲಾಗುವುದು. ಬ್ಯಾಂಕ್‌ಗಳು ಸಹ ರೈತರಿಗೆ ಸಹಕಾರ ನೀಡಬೇಕು ಎಂದು ತಿಳಿಸಿದರು. ವಿಮಾ ಕಂತು ಪಾವತಿಗೆ ಗಡುವು ನಿಗದಿಪಡಿಸಲಾಗಿದ್ದು, ಅಷ್ಟರೊಳಗೆ ನೋಂದಣಿ ಮಾಡಿಕೊಳ್ಳಬೇಕು.
